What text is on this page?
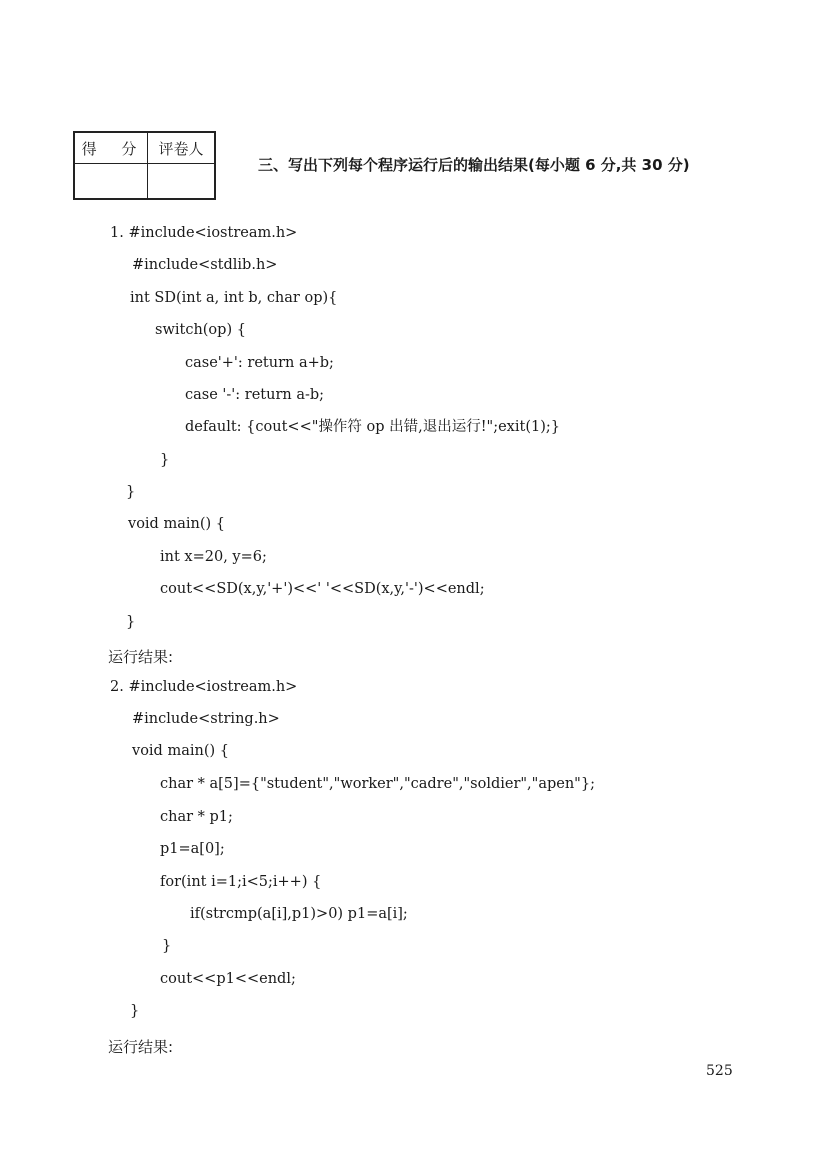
得 分	评卷人

三、写出下列每个程序运行后的输出结果(每小题 6 分,共 30 分)
1. #include<iostream.h>
#include<stdlib.h>
int SD(int a, int b, char op){
switch(op) {
case'+': return a+b;
case '-': return a-b;
default: {cout<<"操作符 op 出错,退出运行!";exit(1);}
}
}
void main() {
int x=20, y=6;
cout<<SD(x,y,'+')<<' '<<SD(x,y,'-')<<endl;
}
运行结果:
2. #include<iostream.h>
#include<string.h>
void main() {
char * a[5]={"student","worker","cadre","soldier","apen"};
char * p1;
p1=a[0];
for(int i=1;i<5;i++) {
if(strcmp(a[i],p1)>0) p1=a[i];
}
cout<<p1<<endl;
}
运行结果:
525
